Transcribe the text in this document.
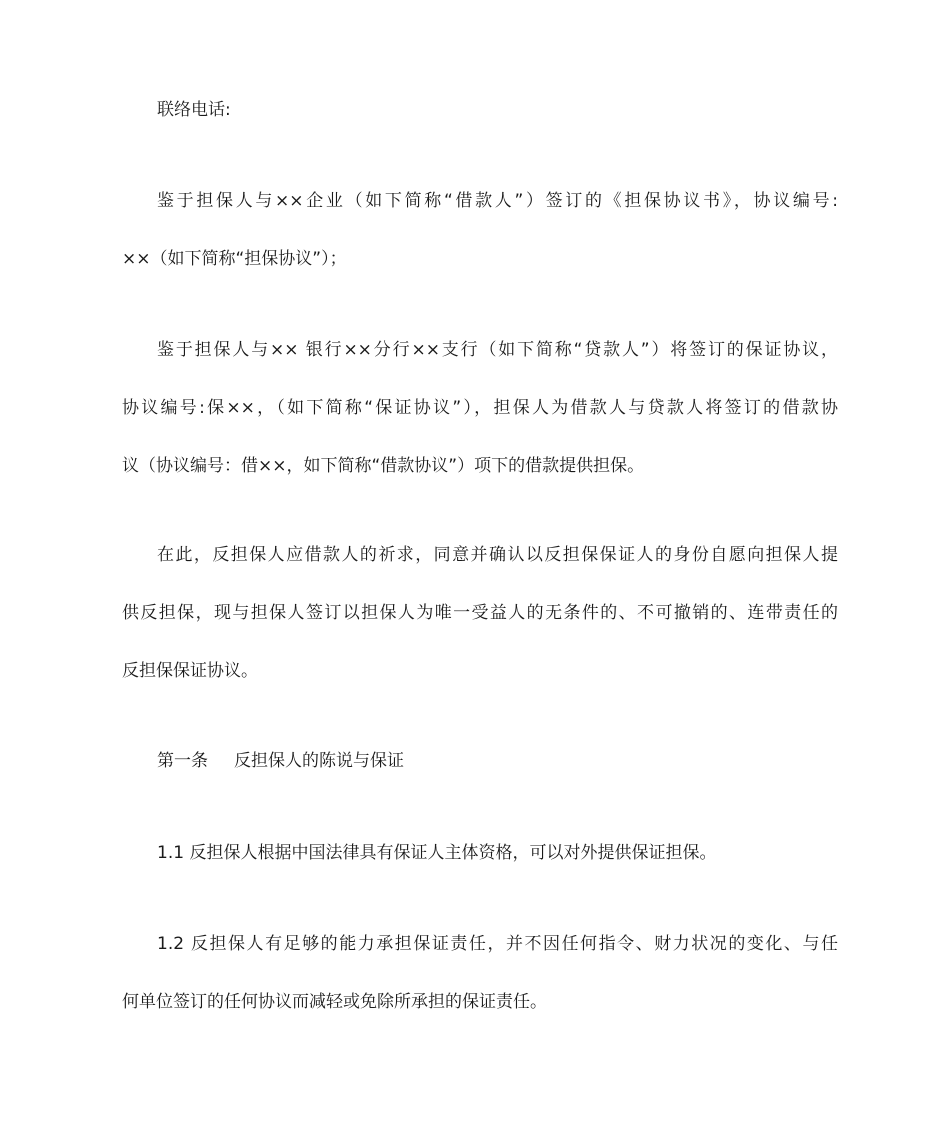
联络电话:
鉴于担保人与××企业（如下简称“借款人”）签订的《担保协议书》，协议编号:
××（如下简称“担保协议”）；
鉴于担保人与×× 银行××分行××支行（如下简称“贷款人”）将签订的保证协议，
协议编号:保××，（如下简称“保证协议”），担保人为借款人与贷款人将签订的借款协
议（协议编号：借××，如下简称“借款协议”）项下的借款提供担保。
在此，反担保人应借款人的祈求，同意并确认以反担保保证人的身份自愿向担保人提
供反担保，现与担保人签订以担保人为唯一受益人的无条件的、不可撤销的、连带责任的
反担保保证协议。
第一条 反担保人的陈说与保证
1.1 反担保人根据中国法律具有保证人主体资格，可以对外提供保证担保。
1.2 反担保人有足够的能力承担保证责任，并不因任何指令、财力状况的变化、与任
何单位签订的任何协议而减轻或免除所承担的保证责任。
